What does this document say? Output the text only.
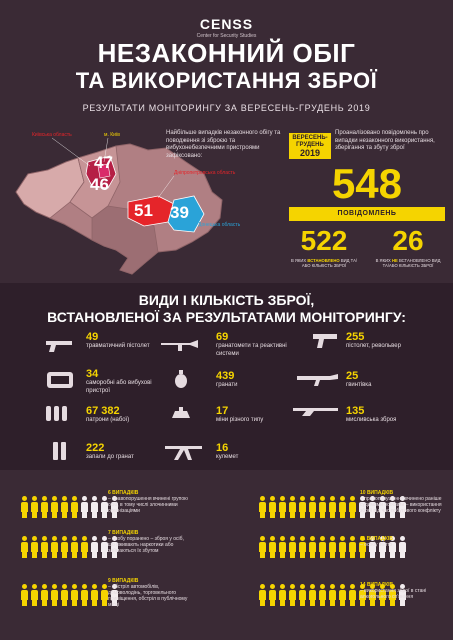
CENSS
Center for Security Studies
НЕЗАКОННИЙ ОБІГ
ТА ВИКОРИСТАННЯ ЗБРОЇ
РЕЗУЛЬТАТИ МОНІТОРИНГУ ЗА ВЕРЕСЕНЬ-ГРУДЕНЬ 2019
47
46
51 39
Київська область	м. Київ
Дніпропетровська область
Донецька область
Найбільше випадків незаконного обігу та поводження зі зброєю та вибухонебезпечними пристроями зафіксовано:
ВЕРЕСЕНЬ-
ГРУДЕНЬ
2019
Проаналізовано повідомлень про випадки незаконного використання, зберігання та збуту зброї
548
ПОВІДОМЛЕНЬ
522	26
В ЯКИХ ВСТАНОВЛЕНО ВИД ТА/АБО КІЛЬКІСТЬ ЗБРОЇ
В ЯКИХ НЕ ВСТАНОВЛЕНО ВИД ТА/АБО КІЛЬКІСТЬ ЗБРОЇ
ВИДИ І КІЛЬКІСТЬ ЗБРОЇ,
ВСТАНОВЛЕНОЇ ЗА РЕЗУЛЬТАТАМИ МОНІТОРИНГУ:
49
травматичний пістолет
69
гранатомети та реактивні системи
255
пістолет, револьвер
34
саморобні або вибухові пристрої
439
гранати
25
гвинтівка
67 382
патрони (набої)
17
міни різного типу
135
мисливська зброя
222
запали до гранат
16
кулемет
6 ВИПАДКІВ
– правопорушення вчинені групою осіб, в тому числі злочинними організаціями
10 ВИПАДКІВ
– правопорушення вчинено раніше судимими особами – використання зброї під час побутового конфлікту
7 ВИПАДКІВ
– особу поранено – зброя у осіб, що вживають наркотики або займаються їх збутом
11 ВИПАДКІВ
– особу вбито
9 ВИПАДКІВ
– обстріл автомобілів, домоволодінь, торговельного приміщення, обстріл в публічному місці
14 ВИПАДКІВ
– використання зброї в стані алкогольного сп'яніння
